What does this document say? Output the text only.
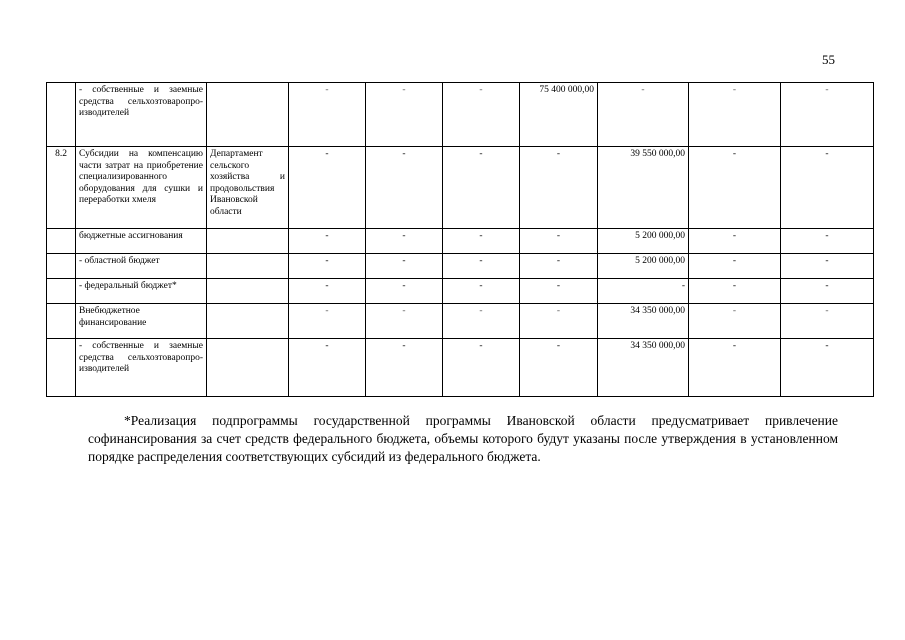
55
	- собственные и заемные средства сельхозтоваропро-изводителей		-	-	-	75 400 000,00	-	-	-
8.2	Субсидии на компенсацию части затрат на приобретение специализированного оборудования для сушки и переработки хмеля	Департамент сельского хозяйства и продовольствия Ивановской области	-	-	-	-	39 550 000,00	-	-
	бюджетные ассигнования		-	-	-	-	5 200 000,00	-	-
	- областной бюджет		-	-	-	-	5 200 000,00	-	-
	- федеральный бюджет*		-	-	-	-	-	-	-
	Внебюджетное финансирование		-	-	-	-	34 350 000,00	-	-
	- собственные и заемные средства сельхозтоваропро-изводителей		-	-	-	-	34 350 000,00	-	-

*Реализация подпрограммы государственной программы Ивановской области предусматривает привлечение софинансирования за счет средств федерального бюджета, объемы которого будут указаны после утверждения в установленном порядке распределения соответствующих субсидий из федерального бюджета.
